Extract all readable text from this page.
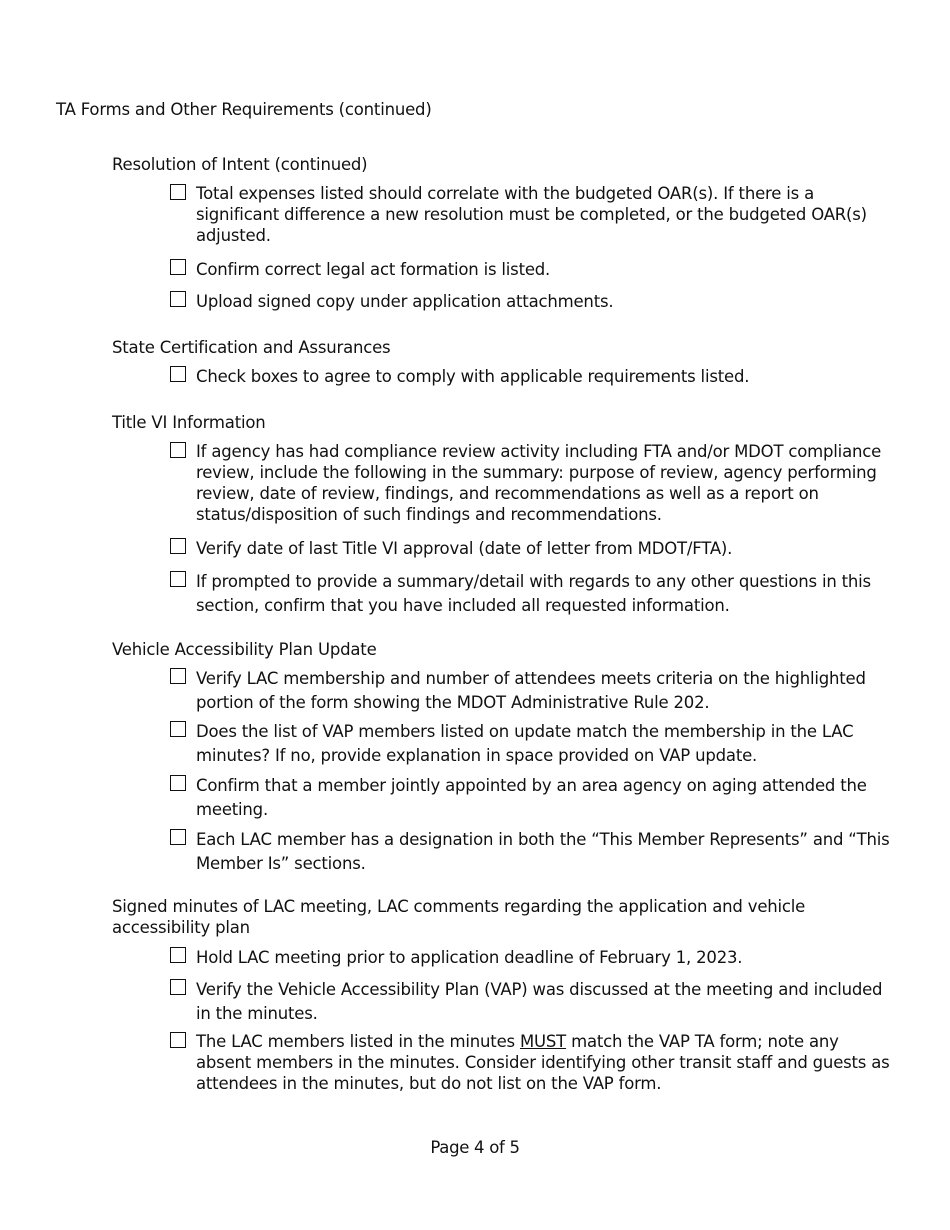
TA Forms and Other Requirements (continued)
Resolution of Intent (continued)
Total expenses listed should correlate with the budgeted OAR(s). If there is a significant difference a new resolution must be completed, or the budgeted OAR(s) adjusted.
Confirm correct legal act formation is listed.
Upload signed copy under application attachments.
State Certification and Assurances
Check boxes to agree to comply with applicable requirements listed.
Title VI Information
If agency has had compliance review activity including FTA and/or MDOT compliance review, include the following in the summary: purpose of review, agency performing review, date of review, findings, and recommendations as well as a report on status/disposition of such findings and recommendations.
Verify date of last Title VI approval (date of letter from MDOT/FTA).
If prompted to provide a summary/detail with regards to any other questions in this section, confirm that you have included all requested information.
Vehicle Accessibility Plan Update
Verify LAC membership and number of attendees meets criteria on the highlighted portion of the form showing the MDOT Administrative Rule 202.
Does the list of VAP members listed on update match the membership in the LAC minutes? If no, provide explanation in space provided on VAP update.
Confirm that a member jointly appointed by an area agency on aging attended the meeting.
Each LAC member has a designation in both the “This Member Represents” and “This Member Is” sections.
Signed minutes of LAC meeting, LAC comments regarding the application and vehicle accessibility plan
Hold LAC meeting prior to application deadline of February 1, 2023.
Verify the Vehicle Accessibility Plan (VAP) was discussed at the meeting and included in the minutes.
The LAC members listed in the minutes MUST match the VAP TA form; note any absent members in the minutes. Consider identifying other transit staff and guests as attendees in the minutes, but do not list on the VAP form.
Page 4 of 5
